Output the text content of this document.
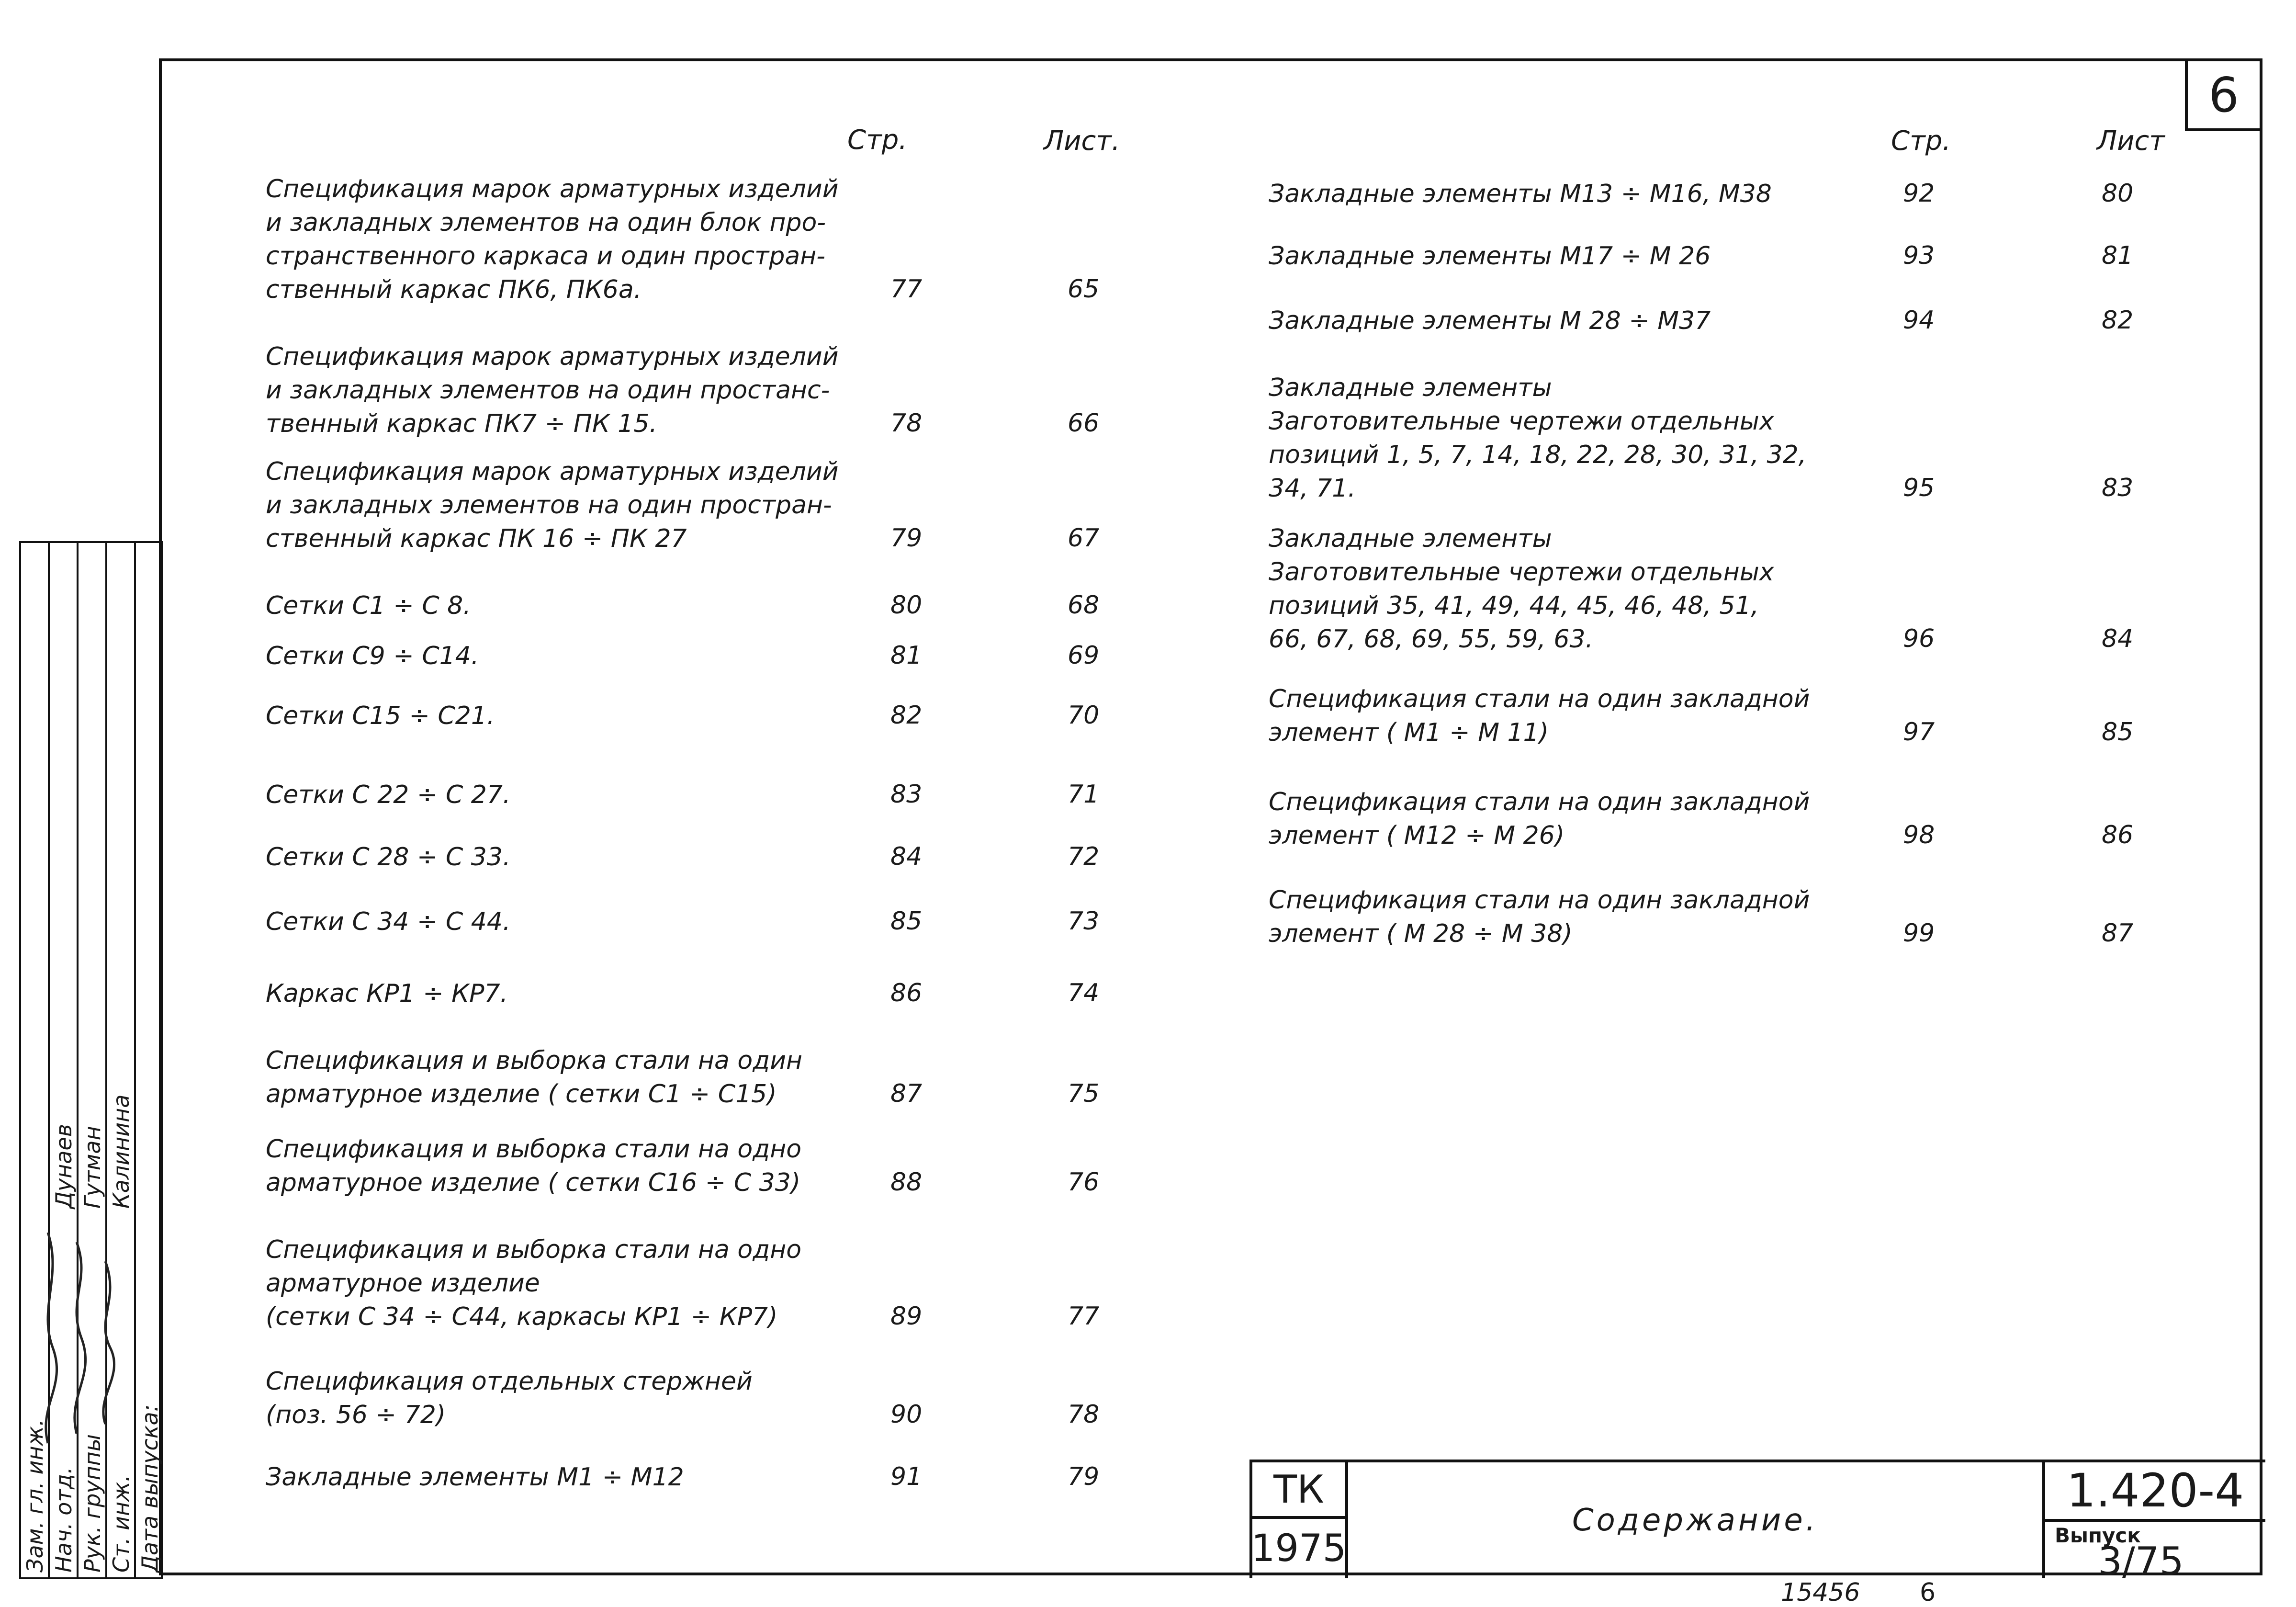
6
Стр.	Лист.	Стр.	Лист
Спецификация марок арматурных изделий
и закладных элементов на один блок про-
странственного каркаса и один простран-
ственный каркас ПК6, ПК6а.	77	65
Спецификация марок арматурных изделий
и закладных элементов на один простанс-
твенный каркас ПК7 ÷ ПК 15.	78	66
Спецификация марок арматурных изделий
и закладных элементов на один простран-
ственный каркас ПК 16 ÷ ПК 27	79	67
Сетки С1 ÷ С 8.	80	68
Сетки С9 ÷ С14.	81	69
Сетки С15 ÷ С21.	82	70
Сетки С 22 ÷ С 27.	83	71
Сетки С 28 ÷ С 33.	84	72
Сетки С 34 ÷ С 44.	85	73
Каркас КР1 ÷ КР7.	86	74
Спецификация и выборка стали на один
арматурное изделие ( сетки С1 ÷ С15)	87	75
Спецификация и выборка стали на одно
арматурное изделие ( сетки С16 ÷ С 33)	88	76
Спецификация и выборка стали на одно
арматурное изделие
(сетки С 34 ÷ С44, каркасы КР1 ÷ КР7)	89	77
Спецификация отдельных стержней
(поз. 56 ÷ 72)	90	78
Закладные элементы М1 ÷ М12	91	79
Закладные элементы М13 ÷ М16, М38	92	80
Закладные элементы М17 ÷ М 26	93	81
Закладные элементы М 28 ÷ М37	94	82
Закладные элементы
Заготовительные чертежи отдельных
позиций 1, 5, 7, 14, 18, 22, 28, 30, 31, 32,
34, 71.	95	83
Закладные элементы
Заготовительные чертежи отдельных
позиций 35, 41, 49, 44, 45, 46, 48, 51,
66, 67, 68, 69, 55, 59, 63.	96	84
Спецификация стали на один закладной
элемент ( М1 ÷ М 11)	97	85
Спецификация стали на один закладной
элемент ( М12 ÷ М 26)	98	86
Спецификация стали на один закладной
элемент ( М 28 ÷ М 38)	99	87
ТК
1975
Содержание.
1.420-4
Выпуск
3/75
Зам. гл. инж. Нач. отд. Рук. группы Ст. инж. Дата выпуска:
Дунаев Гутман Калинина
15456 6
